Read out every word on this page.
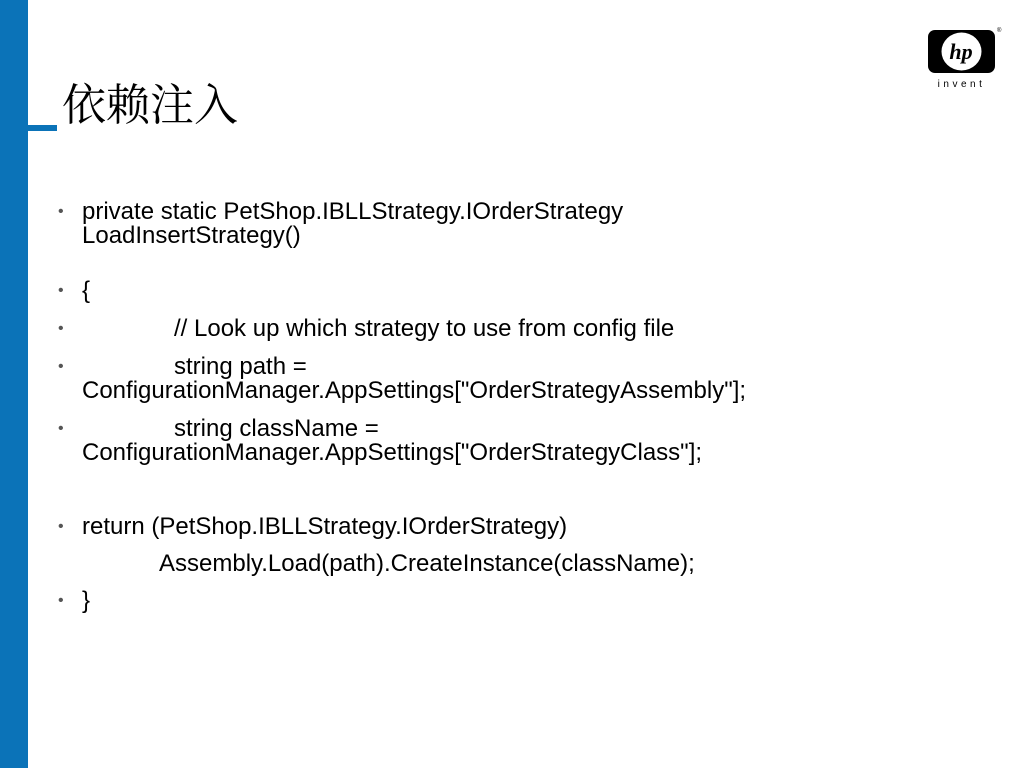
依赖注入
hp
®
invent
• private static PetShop.IBLLStrategy.IOrderStrategy LoadInsertStrategy()
• {
•	// Look up which strategy to use from config file
•	string path = ConfigurationManager.AppSettings["OrderStrategyAssembly"];
•	string className = ConfigurationManager.AppSettings["OrderStrategyClass"];
• return (PetShop.IBLLStrategy.IOrderStrategy)
Assembly.Load(path).CreateInstance(className);
• }
